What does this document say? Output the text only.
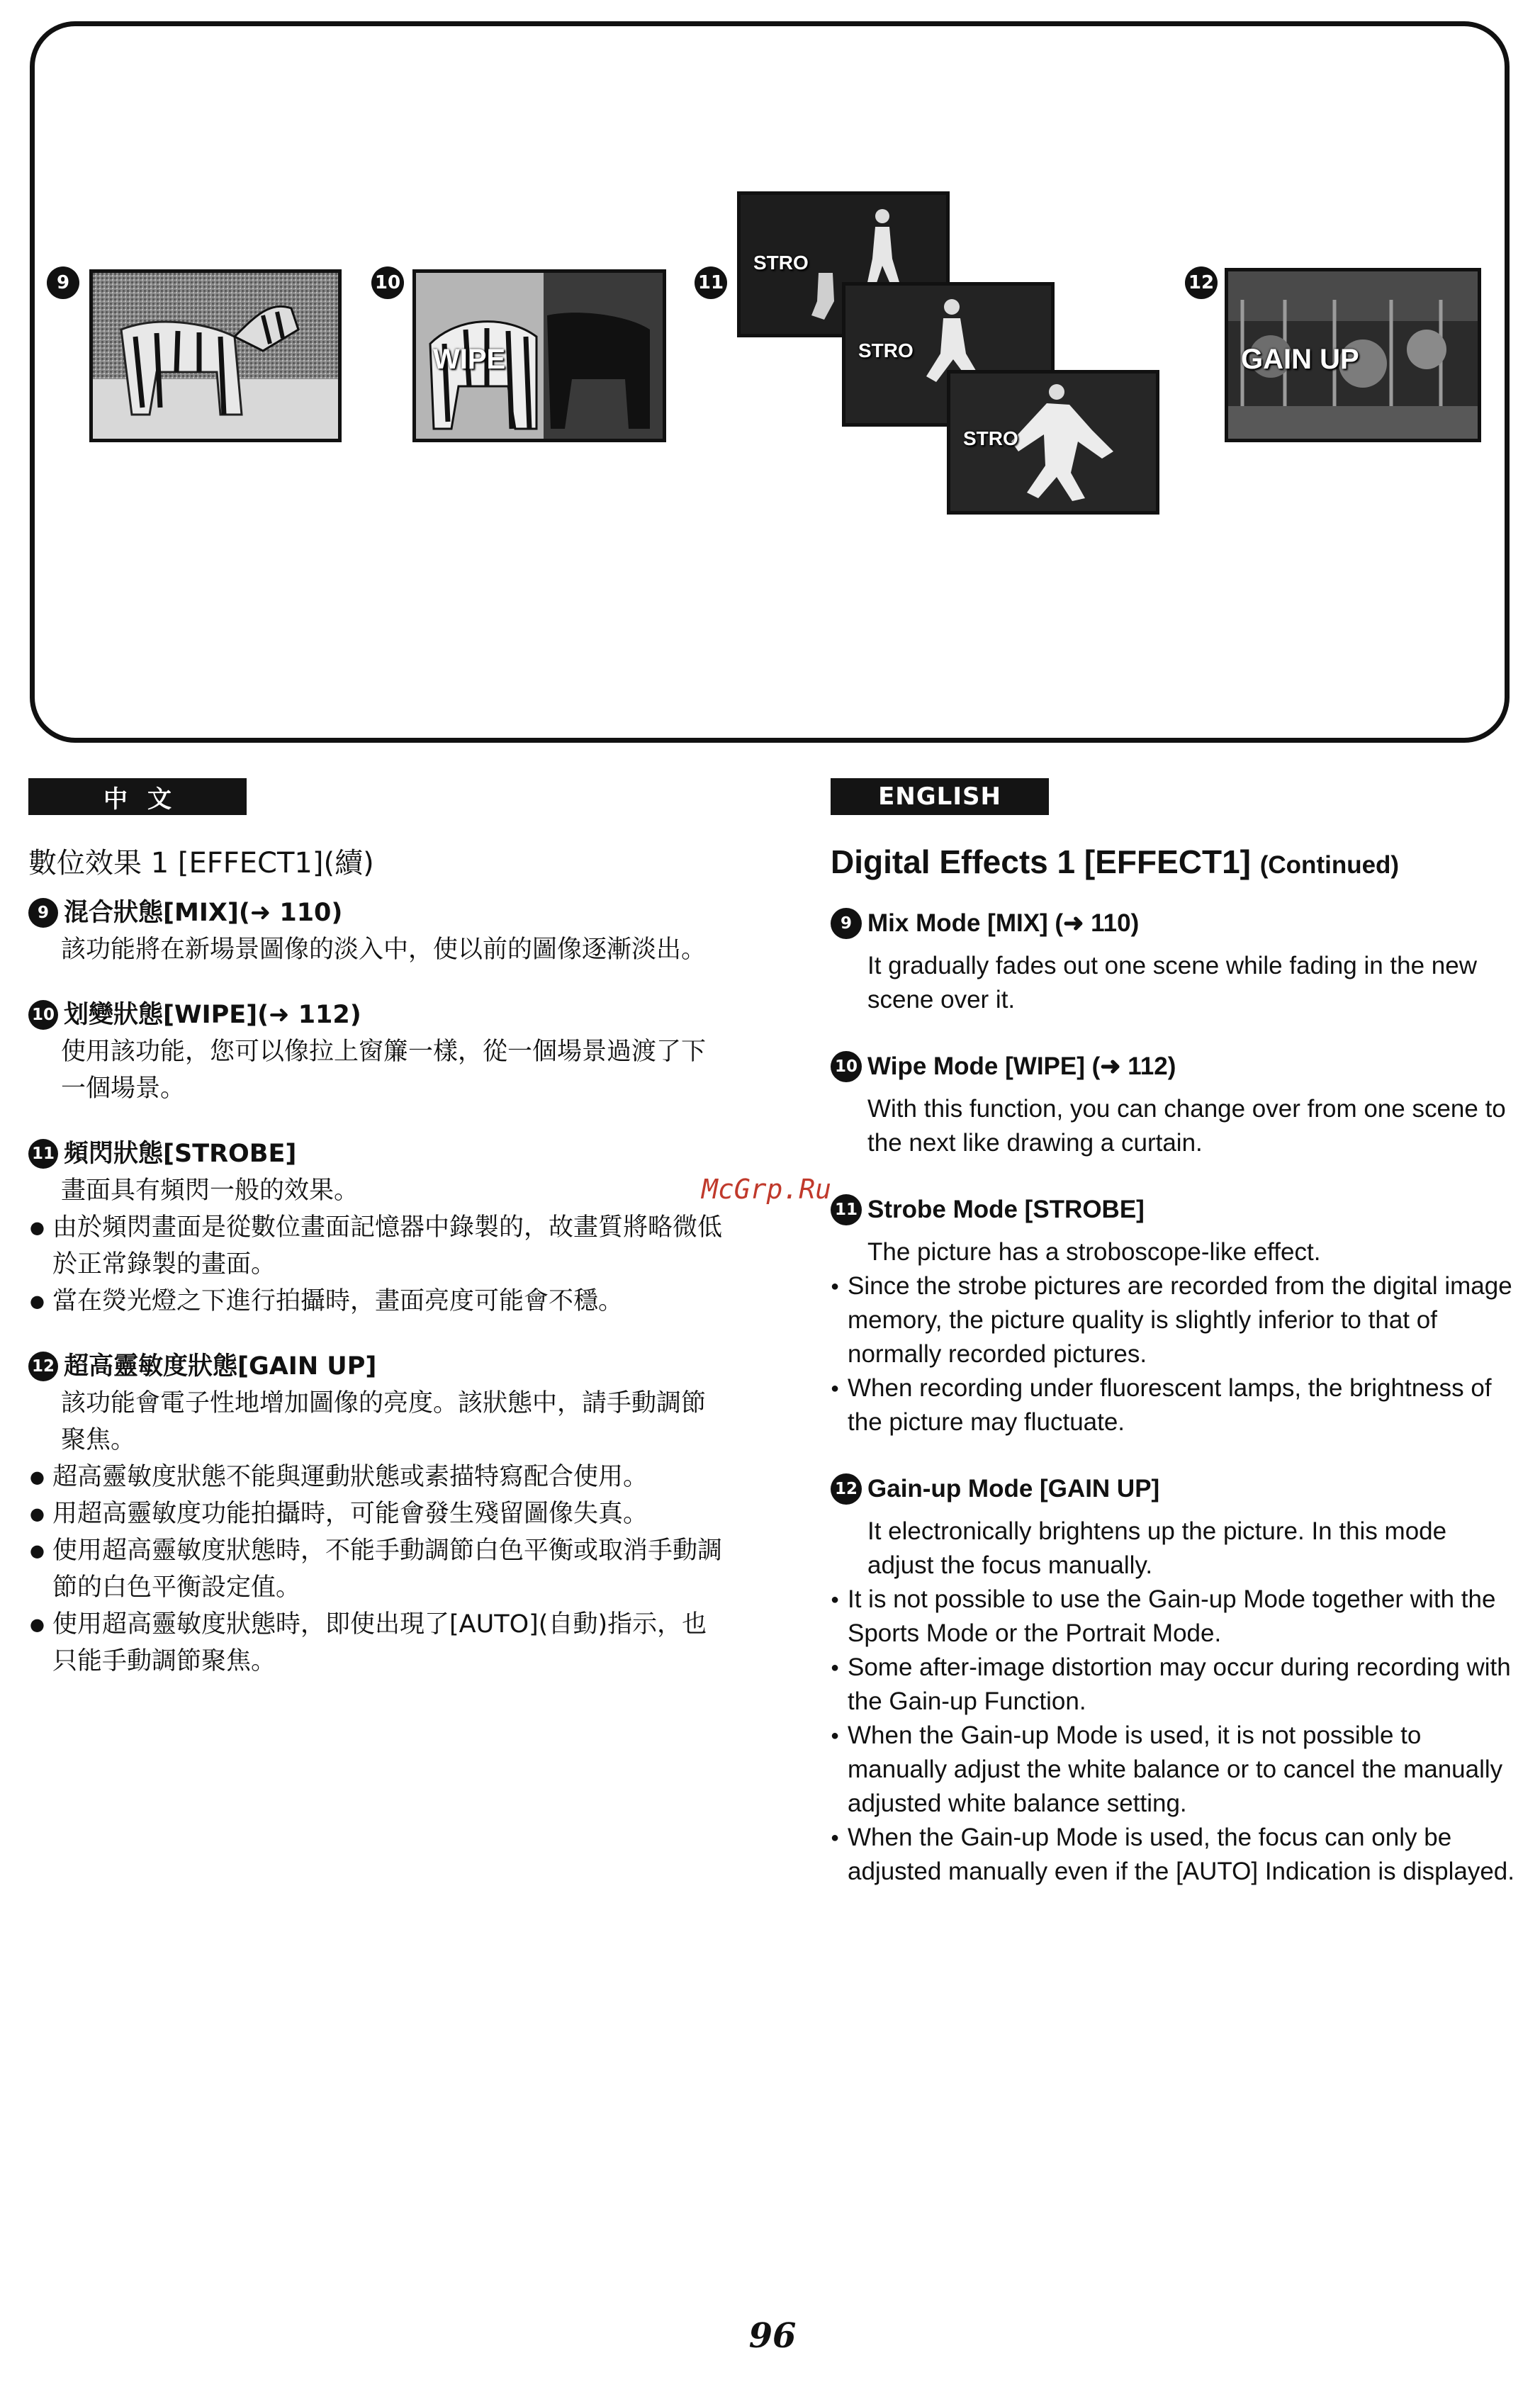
9	10
WIPE
11
STRO
STRO
STRO
12
GAIN UP
中文	ENGLISH
數位效果 1 [EFFECT1](續)
9 混合狀態[MIX](➜ 110)
該功能將在新場景圖像的淡入中，使以前的圖像逐漸淡出。
10 划變狀態[WIPE](➜ 112)
使用該功能，您可以像拉上窗簾一樣，從一個場景過渡了下一個場景。
11 頻閃狀態[STROBE]
畫面具有頻閃一般的效果。
● 由於頻閃畫面是從數位畫面記憶器中錄製的，故畫質將略微低於正常錄製的畫面。
● 當在熒光燈之下進行拍攝時，畫面亮度可能會不穩。
12 超高靈敏度狀態[GAIN UP]
該功能會電子性地增加圖像的亮度。該狀態中，請手動調節聚焦。
● 超高靈敏度狀態不能與運動狀態或素描特寫配合使用。
● 用超高靈敏度功能拍攝時，可能會發生殘留圖像失真。
● 使用超高靈敏度狀態時，不能手動調節白色平衡或取消手動調節的白色平衡設定值。
● 使用超高靈敏度狀態時，即使出現了[AUTO](自動)指示，也只能手動調節聚焦。
Digital Effects 1 [EFFECT1] (Continued)
9 Mix Mode [MIX] (➜ 110)
It gradually fades out one scene while fading in the new scene over it.
10 Wipe Mode [WIPE] (➜ 112)
With this function, you can change over from one scene to the next like drawing a curtain.
11 Strobe Mode [STROBE]
The picture has a stroboscope-like effect.
● Since the strobe pictures are recorded from the digital image memory, the picture quality is slightly inferior to that of normally recorded pictures.
● When recording under fluorescent lamps, the brightness of the picture may fluctuate.
12 Gain-up Mode [GAIN UP]
It electronically brightens up the picture. In this mode adjust the focus manually.
● It is not possible to use the Gain-up Mode together with the Sports Mode or the Portrait Mode.
● Some after-image distortion may occur during recording with the Gain-up Function.
● When the Gain-up Mode is used, it is not possible to manually adjust the white balance or to cancel the manually adjusted white balance setting.
● When the Gain-up Mode is used, the focus can only be adjusted manually even if the [AUTO] Indication is displayed.
McGrp.Ru
96
